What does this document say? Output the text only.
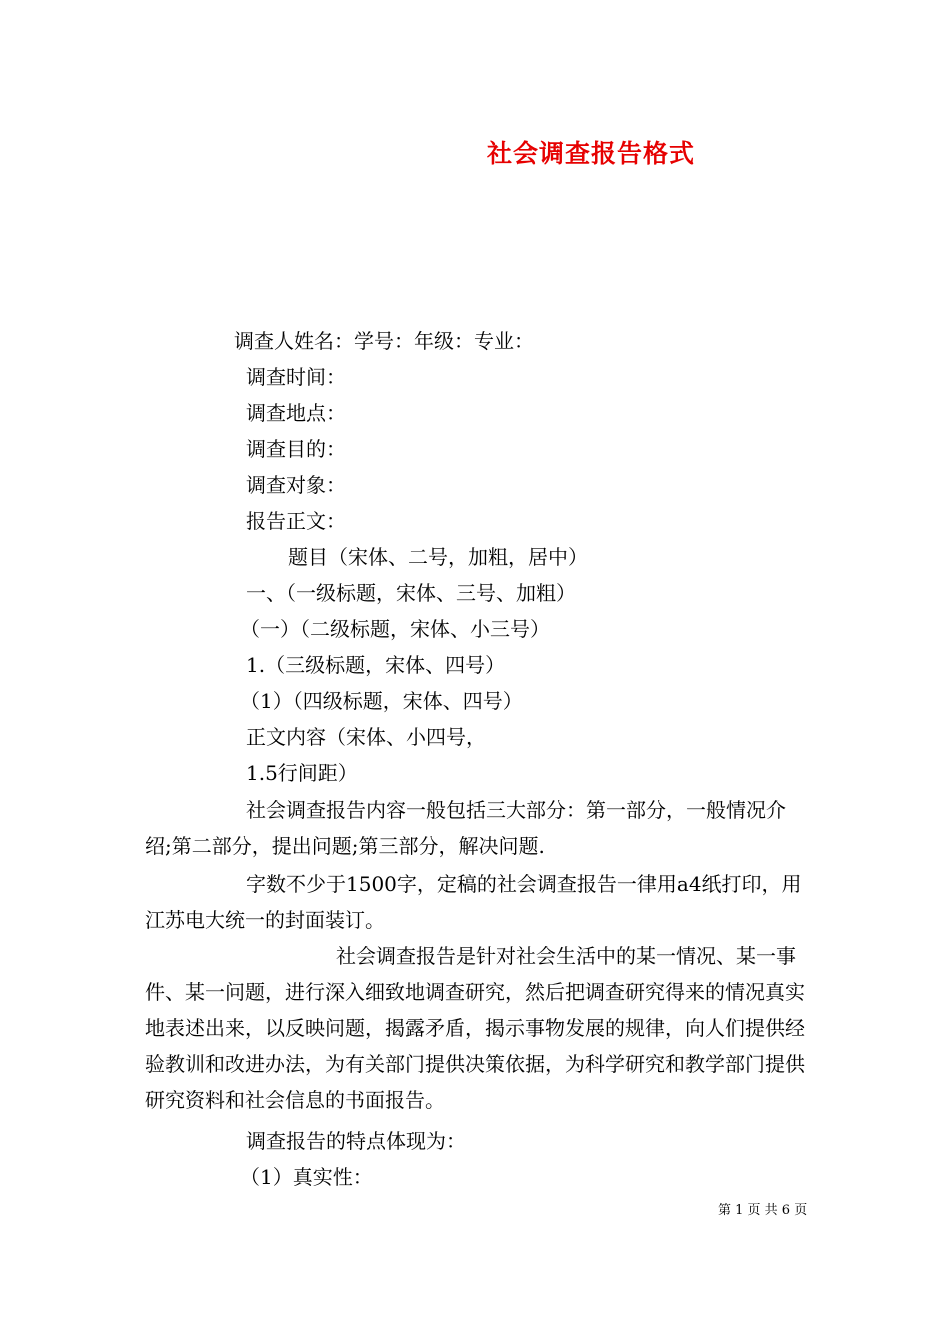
社会调查报告格式
调查人姓名：学号：年级：专业：
调查时间：
调查地点：
调查目的：
调查对象：
报告正文：
题目（宋体、二号，加粗，居中）
一、（一级标题，宋体、三号、加粗）
（一）（二级标题，宋体、小三号）
1.（三级标题，宋体、四号）
（1）（四级标题，宋体、四号）
正文内容（宋体、小四号，
1.5行间距）
社会调查报告内容一般包括三大部分：第一部分，一般情况介绍;第二部分，提出问题;第三部分，解决问题.
字数不少于1500字，定稿的社会调查报告一律用a4纸打印，用江苏电大统一的封面装订。
社会调查报告是针对社会生活中的某一情况、某一事件、某一问题，进行深入细致地调查研究，然后把调查研究得来的情况真实地表述出来，以反映问题，揭露矛盾，揭示事物发展的规律，向人们提供经验教训和改进办法，为有关部门提供决策依据，为科学研究和教学部门提供研究资料和社会信息的书面报告。
调查报告的特点体现为：
（1）真实性：
第 1 页 共 6 页
